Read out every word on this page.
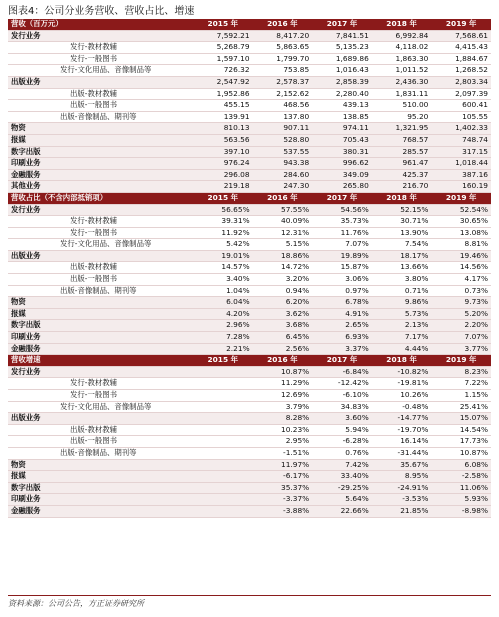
图表4：公司分业务营收、营收占比、增速
营收（百万元）	2015 年	2016 年	2017 年	2018 年	2019 年
发行业务	7,592.21	8,417.20	7,841.51	6,992.84	7,568.61
发行-教材教辅	5,268.79	5,863.65	5,135.23	4,118.02	4,415.43
发行-一般图书	1,597.10	1,799.70	1,689.86	1,863.30	1,884.67
发行-文化用品、音像制品等	726.32	753.85	1,016.43	1,011.52	1,268.52
出版业务	2,547.92	2,578.37	2,858.39	2,436.30	2,803.34
出版-教材教辅	1,952.86	2,152.62	2,280.40	1,831.11	2,097.39
出版-一般图书	455.15	468.56	439.13	510.00	600.41
出版-音像制品、期刊等	139.91	137.80	138.85	95.20	105.55
物资	810.13	907.11	974.11	1,321.95	1,402.33
报媒	563.56	528.80	705.43	768.57	748.74
数字出版	397.10	537.55	380.31	285.57	317.15
印刷业务	976.24	943.38	996.62	961.47	1,018.44
金融服务	296.08	284.60	349.09	425.37	387.16
其他业务	219.18	247.30	265.80	216.70	160.19
营收占比（不含内部抵销项）	2015 年	2016 年	2017 年	2018 年	2019 年
发行业务	56.65%	57.55%	54.56%	52.15%	52.54%
发行-教材教辅	39.31%	40.09%	35.73%	30.71%	30.65%
发行-一般图书	11.92%	12.31%	11.76%	13.90%	13.08%
发行-文化用品、音像制品等	5.42%	5.15%	7.07%	7.54%	8.81%
出版业务	19.01%	18.86%	19.89%	18.17%	19.46%
出版-教材教辅	14.57%	14.72%	15.87%	13.66%	14.56%
出版-一般图书	3.40%	3.20%	3.06%	3.80%	4.17%
出版-音像制品、期刊等	1.04%	0.94%	0.97%	0.71%	0.73%
物资	6.04%	6.20%	6.78%	9.86%	9.73%
报媒	4.20%	3.62%	4.91%	5.73%	5.20%
数字出版	2.96%	3.68%	2.65%	2.13%	2.20%
印刷业务	7.28%	6.45%	6.93%	7.17%	7.07%
金融服务	2.21%	2.56%	3.37%	4.44%	3.77%
营收增速	2015 年	2016 年	2017 年	2018 年	2019 年
发行业务		10.87%	-6.84%	-10.82%	8.23%
发行-教材教辅		11.29%	-12.42%	-19.81%	7.22%
发行-一般图书		12.69%	-6.10%	10.26%	1.15%
发行-文化用品、音像制品等		3.79%	34.83%	-0.48%	25.41%
出版业务		8.28%	3.60%	-14.77%	15.07%
出版-教材教辅		10.23%	5.94%	-19.70%	14.54%
出版-一般图书		2.95%	-6.28%	16.14%	17.73%
出版-音像制品、期刊等		-1.51%	0.76%	-31.44%	10.87%
物资		11.97%	7.42%	35.67%	6.08%
报媒		-6.17%	33.40%	8.95%	-2.58%
数字出版		35.37%	-29.25%	-24.91%	11.06%
印刷业务		-3.37%	5.64%	-3.53%	5.93%
金融服务		-3.88%	22.66%	21.85%	-8.98%
资料来源：公司公告，方正证券研究所
